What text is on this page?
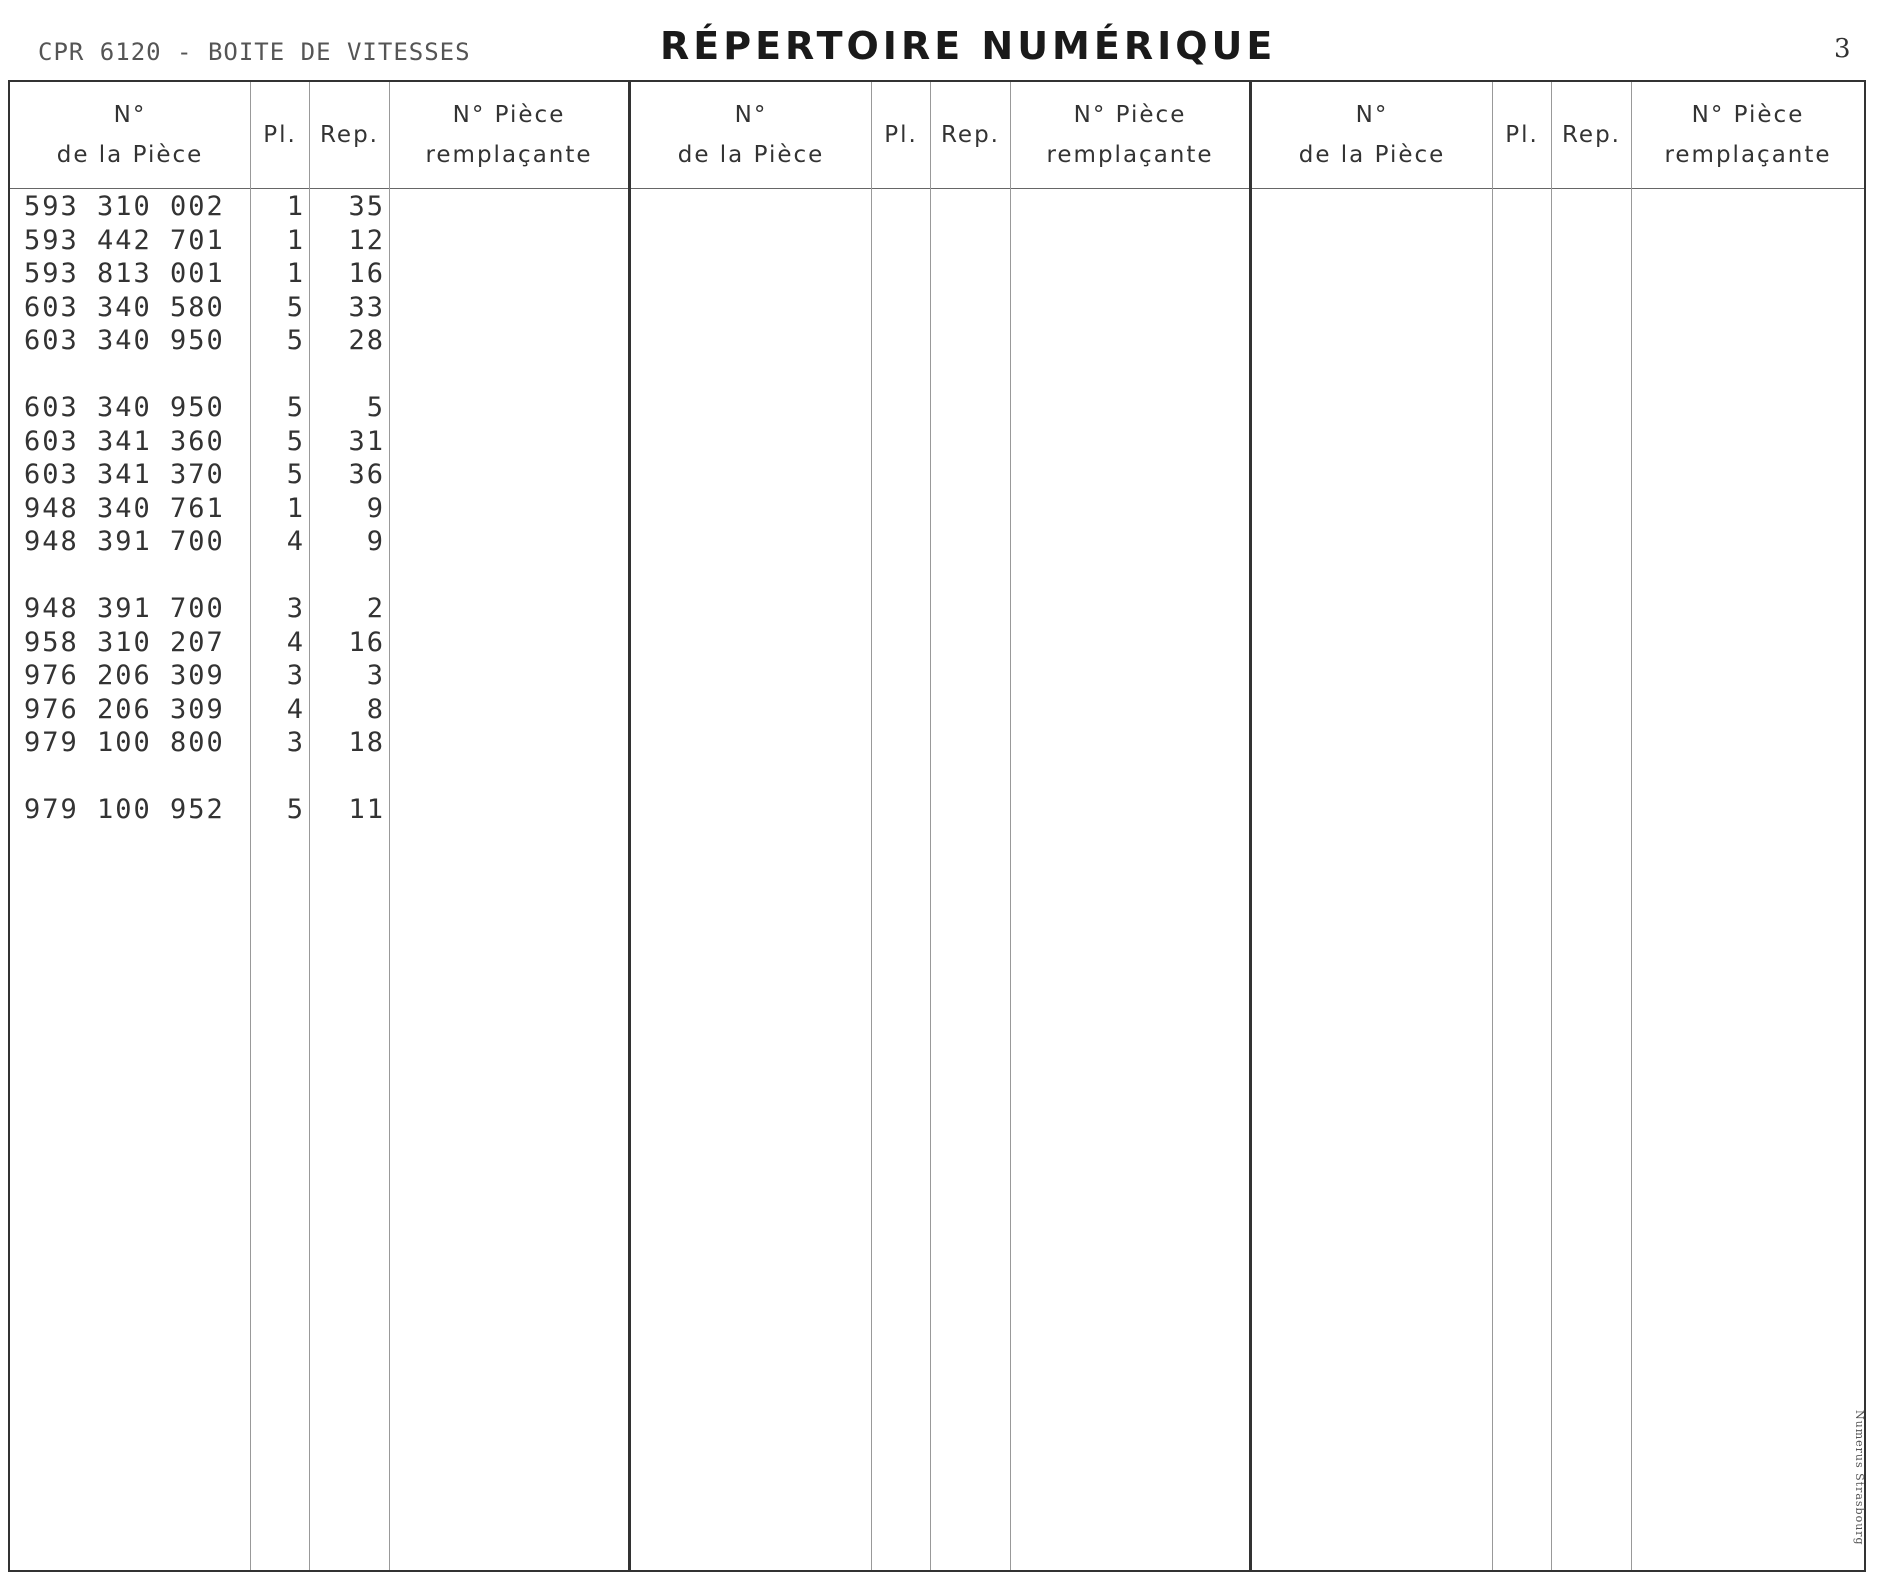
CPR 6120 - BOITE DE VITESSES	RÉPERTOIRE NUMÉRIQUE	3
N°
de la Pièce
593 310 002
593 442 701
593 813 001
603 340 580
603 340 950
603 340 950
603 341 360
603 341 370
948 340 761
948 391 700
948 391 700
958 310 207
976 206 309
976 206 309
979 100 800
979 100 952
Pl.
1
1
1
5
5
5
5
5
1
4
3
4
3
4
3
5
Rep.
35
12
16
33
28
5
31
36
9
9
2
16
3
8
18
11
N° Pièce
remplaçante
N°
de la Pièce
Pl. Rep.
N° Pièce
remplaçante
N°
de la Pièce
Pl. Rep.
N° Pièce
remplaçante
Numerus Strasbourg
